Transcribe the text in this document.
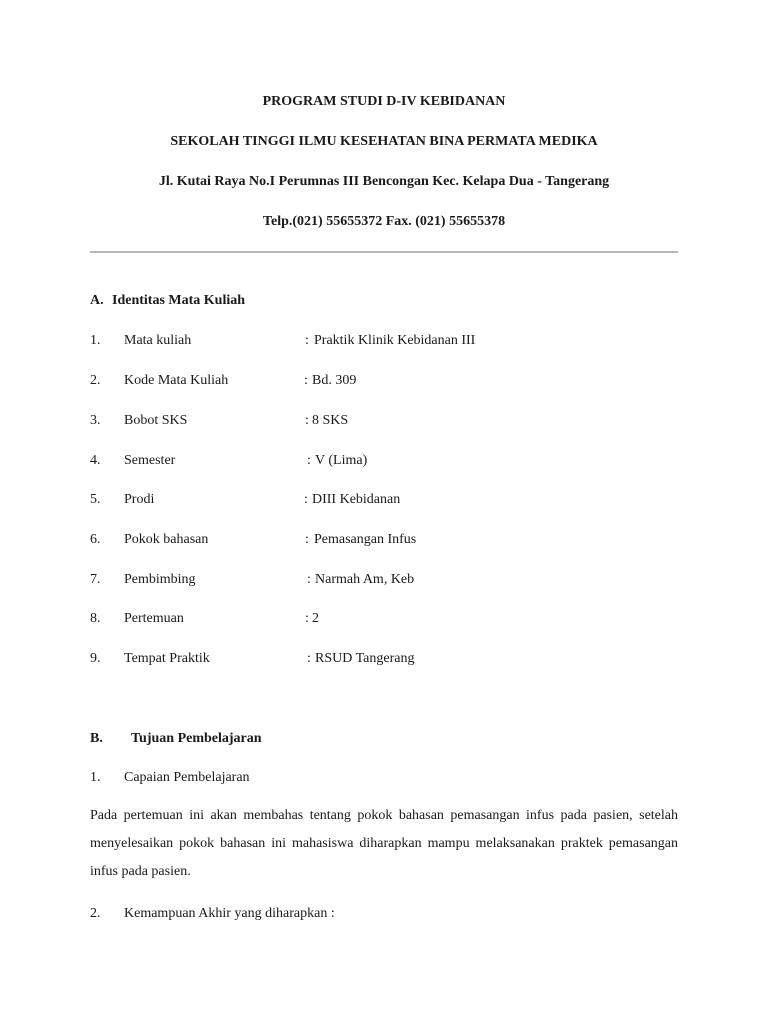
PROGRAM STUDI D-IV KEBIDANAN
SEKOLAH TINGGI ILMU KESEHATAN BINA PERMATA MEDIKA
Jl. Kutai Raya No.I Perumnas III Bencongan Kec. Kelapa Dua - Tangerang
Telp.(021) 55655372 Fax. (021) 55655378
A. Identitas Mata Kuliah
1. Mata kuliah	: Praktik Klinik Kebidanan III
2. Kode Mata Kuliah	: Bd. 309
3. Bobot SKS	: 8 SKS
4. Semester	: V (Lima)
5. Prodi	: DIII Kebidanan
6. Pokok bahasan	: Pemasangan Infus
7. Pembimbing	: Narmah Am, Keb
8. Pertemuan	: 2
9. Tempat Praktik	: RSUD Tangerang
B. Tujuan Pembelajaran
1. Capaian Pembelajaran
Pada pertemuan ini akan membahas tentang pokok bahasan pemasangan infus pada pasien, setelah menyelesaikan pokok bahasan ini mahasiswa diharapkan mampu melaksanakan praktek pemasangan infus pada pasien.
2. Kemampuan Akhir yang diharapkan :
